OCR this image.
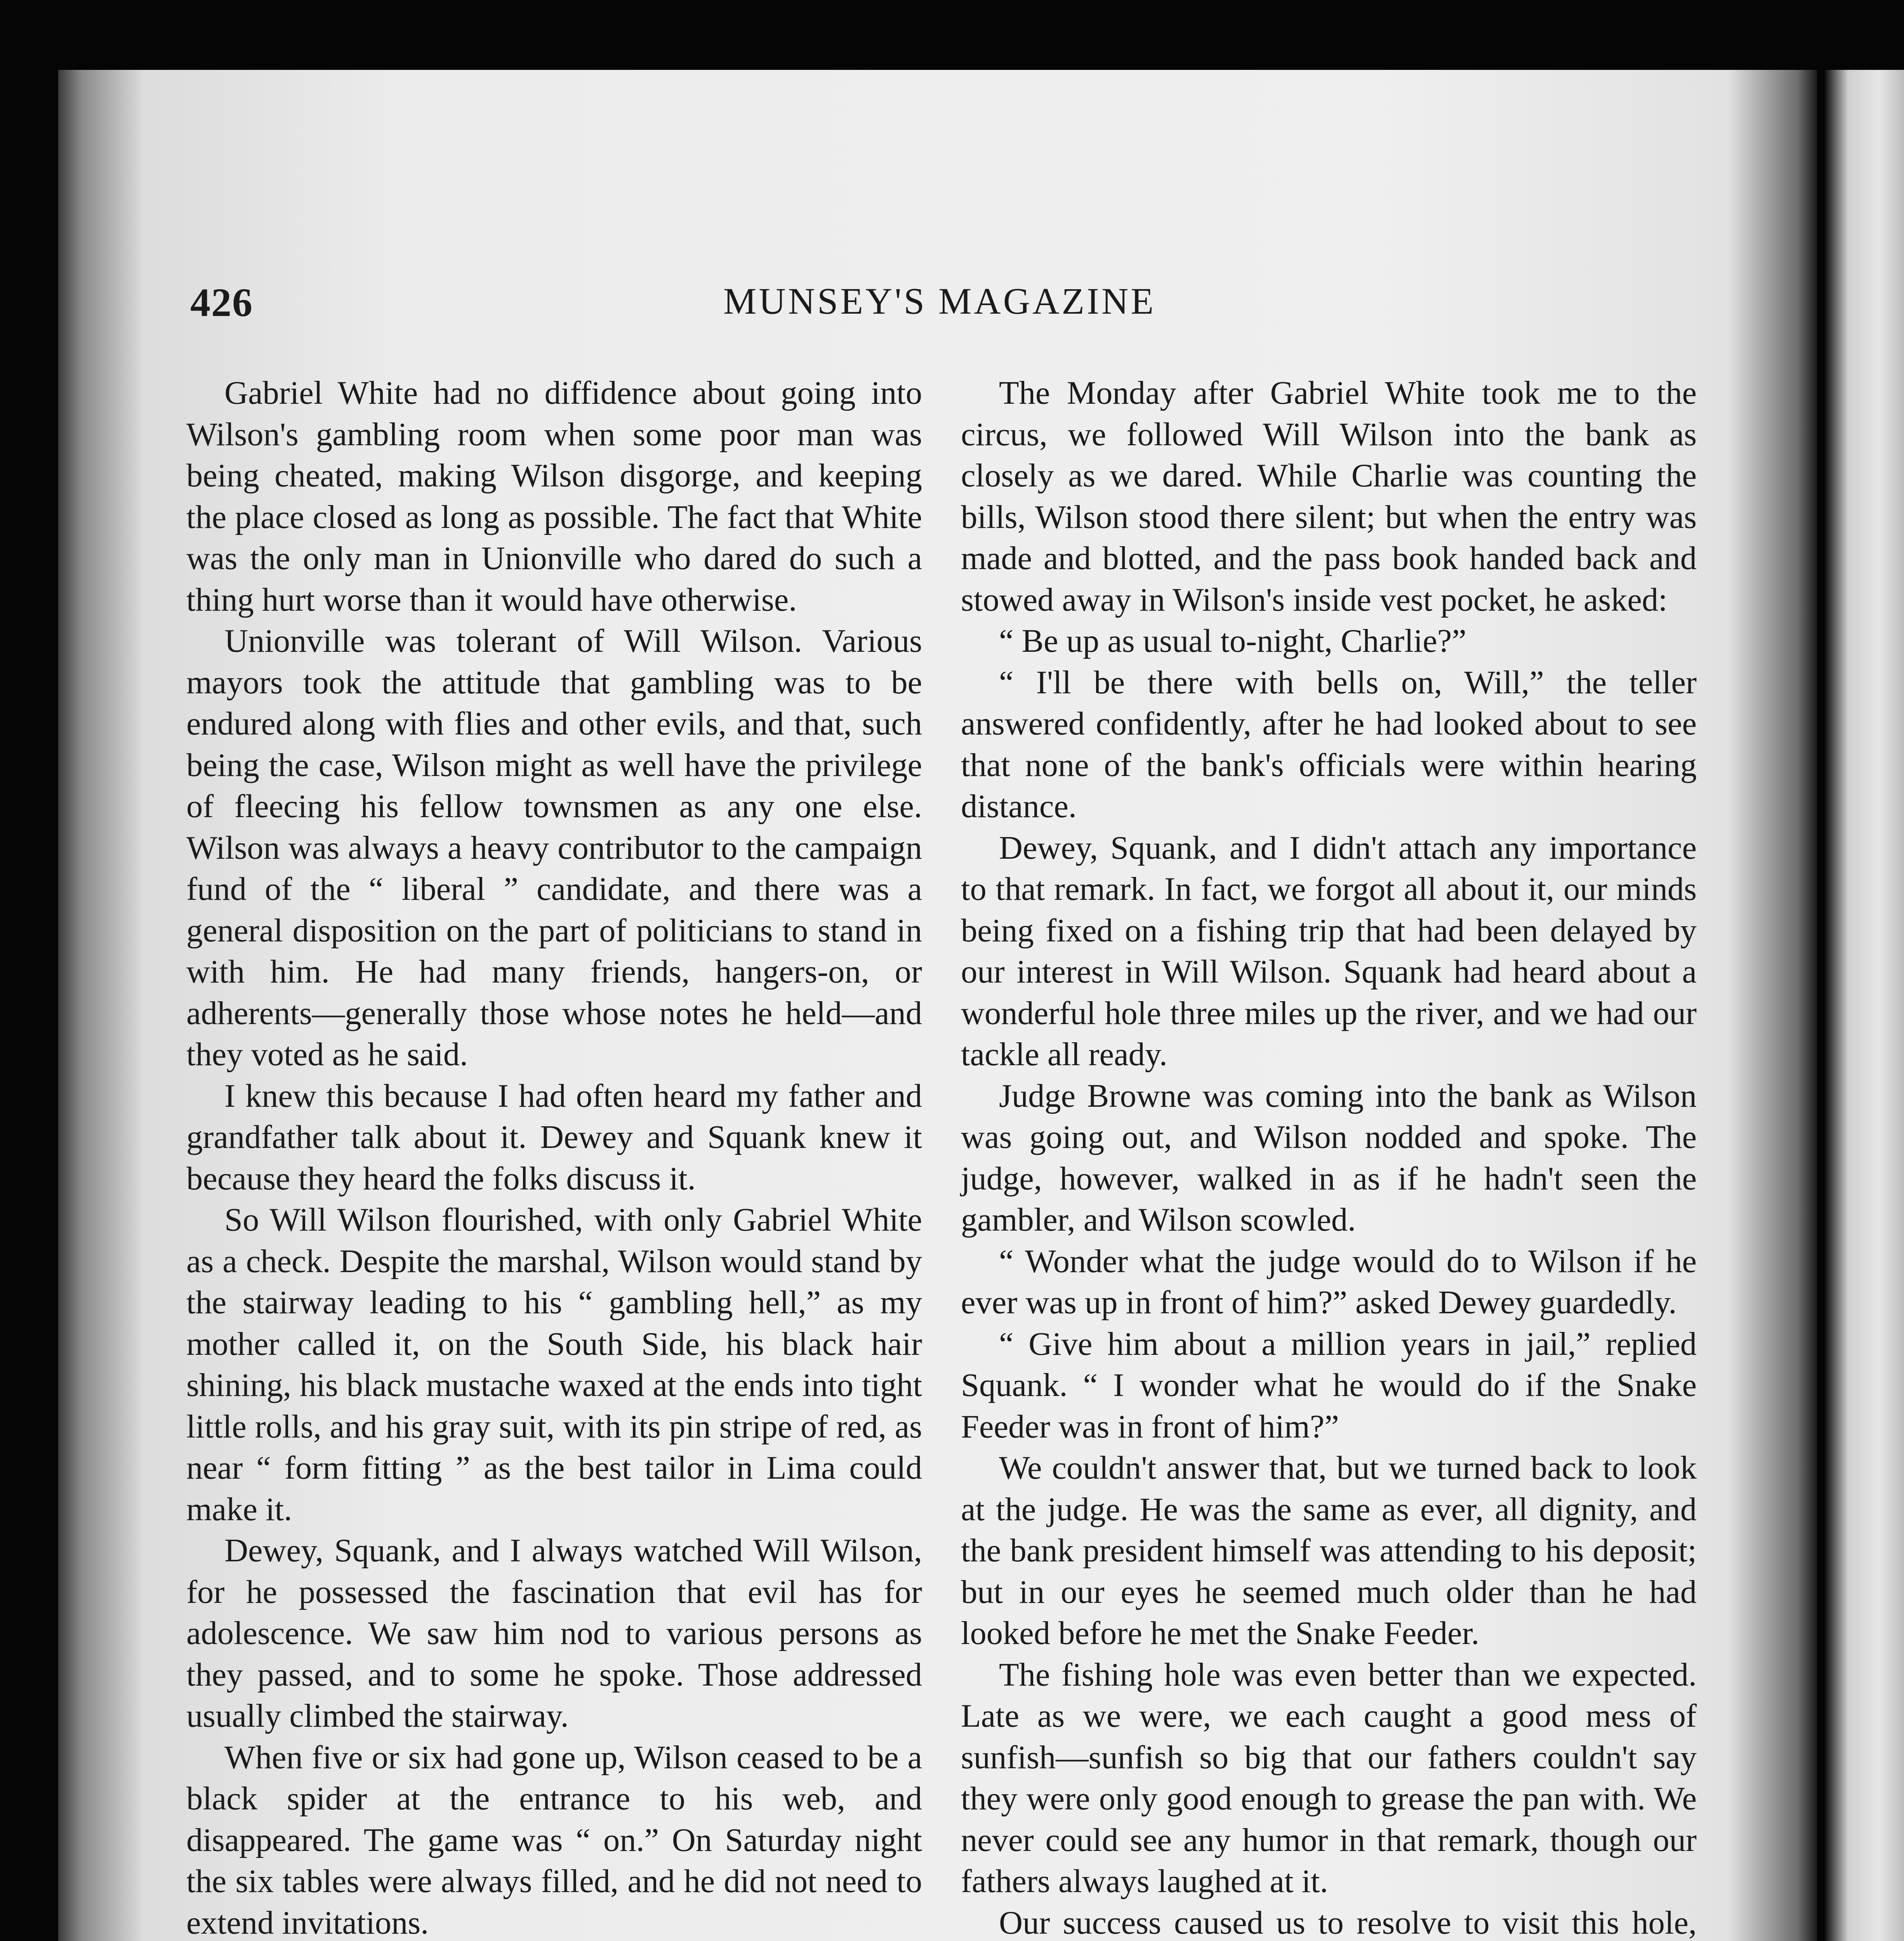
426	MUNSEY'S MAGAZINE

Gabriel White had no diffidence about going into Wilson's gambling room when some poor man was being cheated, making Wilson disgorge, and keeping the place closed as long as possible. The fact that White was the only man in Unionville who dared do such a thing hurt worse than it would have otherwise.

Unionville was tolerant of Will Wilson. Various mayors took the attitude that gambling was to be endured along with flies and other evils, and that, such being the case, Wilson might as well have the privilege of fleecing his fellow townsmen as any one else. Wilson was always a heavy contributor to the campaign fund of the “ liberal ” candidate, and there was a general disposition on the part of politicians to stand in with him. He had many friends, hangers-on, or adherents—generally those whose notes he held—and they voted as he said.

I knew this because I had often heard my father and grandfather talk about it. Dewey and Squank knew it because they heard the folks discuss it.

So Will Wilson flourished, with only Gabriel White as a check. Despite the marshal, Wilson would stand by the stairway leading to his “ gambling hell,” as my mother called it, on the South Side, his black hair shining, his black mustache waxed at the ends into tight little rolls, and his gray suit, with its pin stripe of red, as near “ form fitting ” as the best tailor in Lima could make it.

Dewey, Squank, and I always watched Will Wilson, for he possessed the fascination that evil has for adolescence. We saw him nod to various persons as they passed, and to some he spoke. Those addressed usually climbed the stairway.

When five or six had gone up, Wilson ceased to be a black spider at the entrance to his web, and disappeared. The game was “ on.” On Saturday night the six tables were always filled, and he did not need to extend invitations.

The Monday after Gabriel White took me to the circus, we followed Will Wilson into the bank as closely as we dared. While Charlie was counting the bills, Wilson stood there silent; but when the entry was made and blotted, and the pass book handed back and stowed away in Wilson's inside vest pocket, he asked:

“ Be up as usual to-night, Charlie?”

“ I'll be there with bells on, Will,” the teller answered confidently, after he had looked about to see that none of the bank's officials were within hearing distance.

Dewey, Squank, and I didn't attach any importance to that remark. In fact, we forgot all about it, our minds being fixed on a fishing trip that had been delayed by our interest in Will Wilson. Squank had heard about a wonderful hole three miles up the river, and we had our tackle all ready.

Judge Browne was coming into the bank as Wilson was going out, and Wilson nodded and spoke. The judge, however, walked in as if he hadn't seen the gambler, and Wilson scowled.

“ Wonder what the judge would do to Wilson if he ever was up in front of him?” asked Dewey guardedly.

“ Give him about a million years in jail,” replied Squank. “ I wonder what he would do if the Snake Feeder was in front of him?”

We couldn't answer that, but we turned back to look at the judge. He was the same as ever, all dignity, and the bank president himself was attending to his deposit; but in our eyes he seemed much older than he had looked before he met the Snake Feeder.

The fishing hole was even better than we expected. Late as we were, we each caught a good mess of sunfish—sunfish so big that our fathers couldn't say they were only good enough to grease the pan with. We never could see any humor in that remark, though our fathers always laughed at it.

Our success caused us to resolve to visit this hole,
